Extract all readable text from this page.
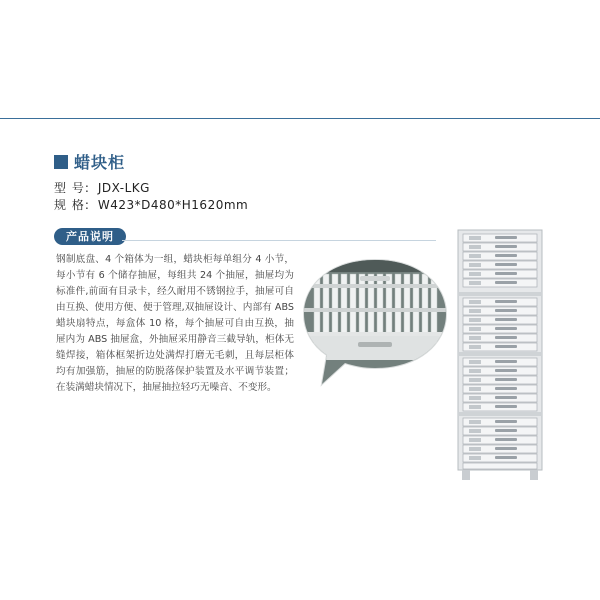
蜡块柜
型 号: JDX-LKG
规 格: W423*D480*H1620mm
产品说明
钢制底盘、4 个箱体为一组，蜡块柜每单组分 4 小节，每小节有 6 个储存抽屉，每组共 24 个抽屉，抽屉均为标准件,前面有目录卡，经久耐用不锈钢拉手，抽屉可自由互换、使用方便、便于管理,双抽屉设计、内部有 ABS 蜡块扇特点，每盒体 10 格，每个抽屉可自由互换，抽屉内为 ABS 抽屉盒，外抽屉采用静音三截导轨，柜体无缝焊接，箱体框架折边处满焊打磨无毛刺，且每层柜体均有加强筋，抽屉的防脱落保护装置及水平调节装置；在装满蜡块情况下，抽屉抽拉轻巧无噪音、不变形。
